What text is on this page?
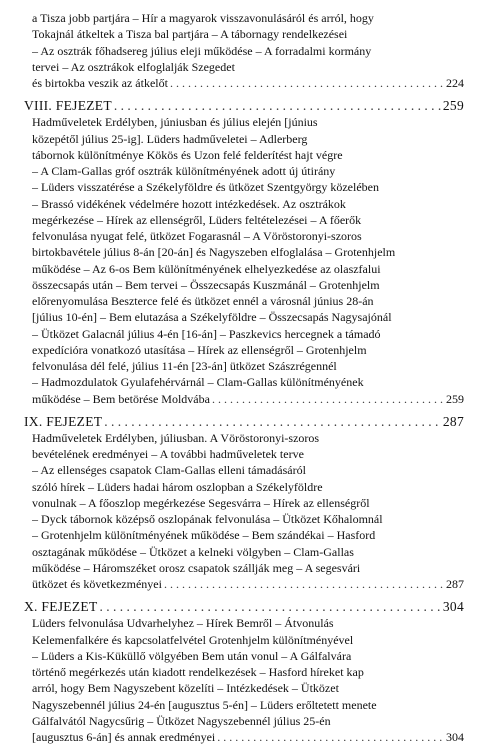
a Tisza jobb partjára – Hír a magyarok visszavonulásáról és arról, hogy
Tokajnál átkeltek a Tisza bal partjára – A tábornagy rendelkezései
– Az osztrák főhadsereg július eleji működése – A forradalmi kormány
tervei – Az osztrákok elfoglalják Szegedet
és birtokba veszik az átkelőt . . .	224
VIII. FEJEZET . . .	259
Hadműveletek Erdélyben, júniusban és július elején [június
közepétől július 25-ig]. Lüders hadműveletei – Adlerberg
tábornok különítménye Kökös és Uzon felé felderítést hajt végre
– A Clam-Gallas gróf osztrák különítményének adott új útirány
– Lüders visszatérése a Székelyföldre és ütközet Szentgyörgy közelében
– Brassó vidékének védelmére hozott intézkedések. Az osztrákok
megérkezése – Hírek az ellenségről, Lüders feltételezései – A főerők
felvonulása nyugat felé, ütközet Fogarasnál – A Vöröstoronyi-szoros
birtokbavétele július 8-án [20-án] és Nagyszeben elfoglalása – Grotenhjelm
működése – Az 6-os Bem különítményének elhelyezkedése az olaszfalui
összecsapás után – Bem tervei – Összecsapás Kuszmánál – Grotenhjelm
előrenyomulása Beszterce felé és ütközet ennél a városnál június 28-án
[július 10-én] – Bem elutazása a Székelyföldre – Összecsapás Nagysajónál
– Ütközet Galacnál július 4-én [16-án] – Paszkevics hercegnek a támadó
expedícióra vonatkozó utasítása – Hírek az ellenségről – Grotenhjelm
felvonulása dél felé, július 11-én [23-án] ütközet Szászrégennél
– Hadmozdulatok Gyulafehérvárnál – Clam-Gallas különítményének
működése – Bem betörése Moldvába . . .	259
IX. FEJEZET . . .	287
Hadműveletek Erdélyben, júliusban. A Vöröstoronyi-szoros
bevételének eredményei – A további hadműveletek terve
– Az ellenséges csapatok Clam-Gallas elleni támadásáról
szóló hírek – Lüders hadai három oszlopban a Székelyföldre
vonulnak – A főoszlop megérkezése Segesvárra – Hírek az ellenségről
– Dyck tábornok középső oszlopának felvonulása – Ütközet Kőhalomnál
– Grotenhjelm különítményének működése – Bem szándékai – Hasford
osztagának működése – Ütközet a kelneki völgyben – Clam-Gallas
működése – Háromszéket orosz csapatok szállják meg – A segesvári
ütközet és következményei . . .	287
X. FEJEZET . . .	304
Lüders felvonulása Udvarhelyhez – Hírek Bemről – Átvonulás
Kelemenfalkére és kapcsolatfelvétel Grotenhjelm különítményével
– Lüders a Kis-Küküllő völgyében Bem után vonul – A Gálfalvára
történő megérkezés után kiadott rendelkezések – Hasford híreket kap
arról, hogy Bem Nagyszebent közelíti – Intézkedések – Ütközet
Nagyszebennél július 24-én [augusztus 5-én] – Lüders erőltetett menete
Gálfalvától Nagycsűrig – Ütközet Nagyszebennél július 25-én
[augusztus 6-án] és annak eredményei . . .	304
